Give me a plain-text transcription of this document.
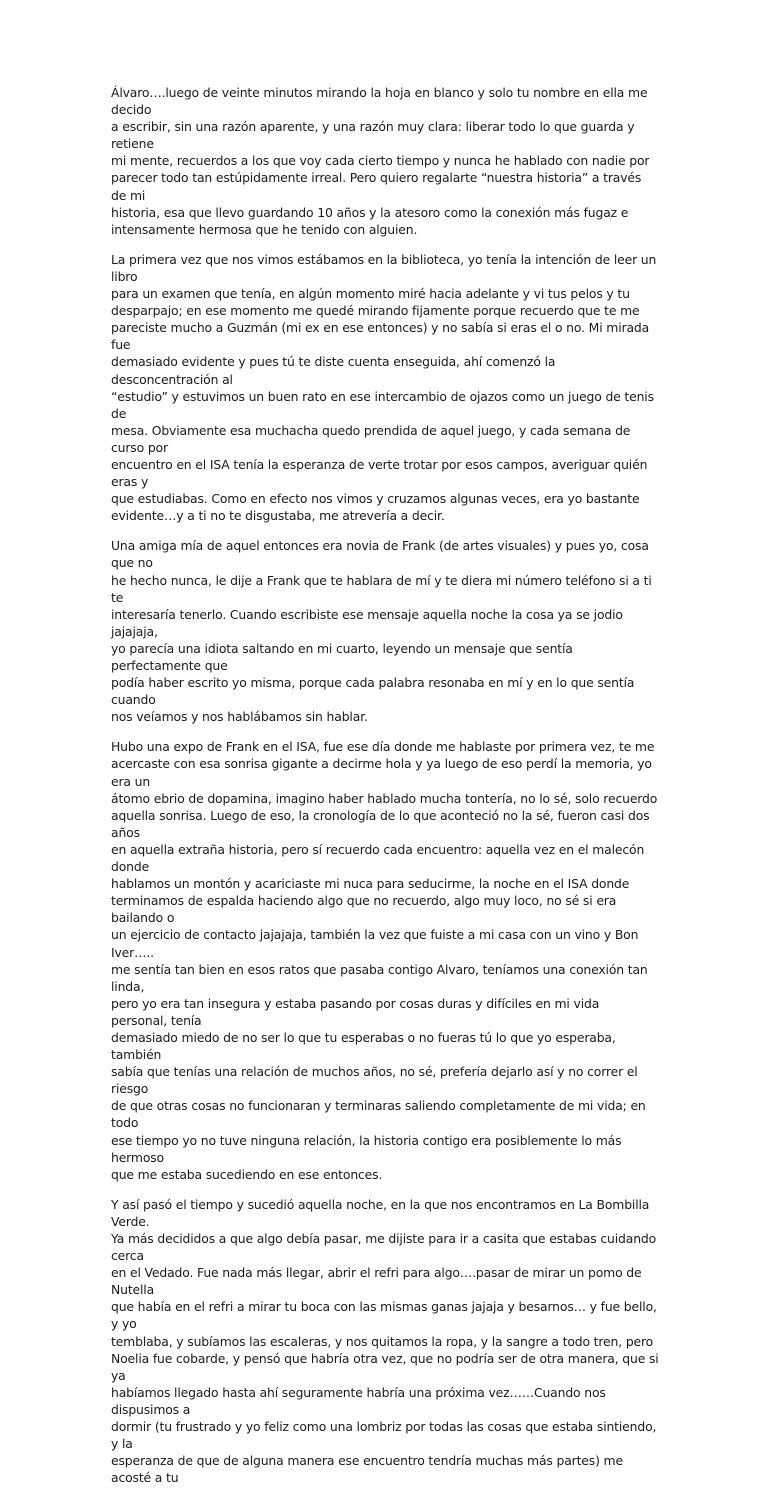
Álvaro….luego de veinte minutos mirando la hoja en blanco y solo tu nombre en ella me decido
a escribir, sin una razón aparente, y una razón muy clara: liberar todo lo que guarda y retiene
mi mente, recuerdos a los que voy cada cierto tiempo y nunca he hablado con nadie por
parecer todo tan estúpidamente irreal. Pero quiero regalarte “nuestra historia” a través de mi
historia, esa que llevo guardando 10 años y la atesoro como la conexión más fugaz e
intensamente hermosa que he tenido con alguien.

La primera vez que nos vimos estábamos en la biblioteca, yo tenía la intención de leer un libro
para un examen que tenía, en algún momento miré hacia adelante y vi tus pelos y tu
desparpajo; en ese momento me quedé mirando fijamente porque recuerdo que te me
pareciste mucho a Guzmán (mi ex en ese entonces) y no sabía si eras el o no. Mi mirada fue
demasiado evidente y pues tú te diste cuenta enseguida, ahí comenzó la desconcentración al
“estudio” y estuvimos un buen rato en ese intercambio de ojazos como un juego de tenis de
mesa. Obviamente esa muchacha quedo prendida de aquel juego, y cada semana de curso por
encuentro en el ISA tenía la esperanza de verte trotar por esos campos, averiguar quién eras y
que estudiabas. Como en efecto nos vimos y cruzamos algunas veces, era yo bastante
evidente…y a ti no te disgustaba, me atrevería a decir.

Una amiga mía de aquel entonces era novia de Frank (de artes visuales) y pues yo, cosa que no
he hecho nunca, le dije a Frank que te hablara de mí y te diera mi número teléfono si a ti te
interesaría tenerlo. Cuando escribiste ese mensaje aquella noche la cosa ya se jodio jajajaja,
yo parecía una idiota saltando en mi cuarto, leyendo un mensaje que sentía perfectamente que
podía haber escrito yo misma, porque cada palabra resonaba en mí y en lo que sentía cuando
nos veíamos y nos hablábamos sin hablar.

Hubo una expo de Frank en el ISA, fue ese día donde me hablaste por primera vez, te me
acercaste con esa sonrisa gigante a decirme hola y ya luego de eso perdí la memoria, yo era un
átomo ebrio de dopamina, imagino haber hablado mucha tontería, no lo sé, solo recuerdo
aquella sonrisa. Luego de eso, la cronología de lo que aconteció no la sé, fueron casi dos años
en aquella extraña historia, pero sí recuerdo cada encuentro: aquella vez en el malecón donde
hablamos un montón y acariciaste mi nuca para seducirme, la noche en el ISA donde
terminamos de espalda haciendo algo que no recuerdo, algo muy loco, no sé si era bailando o
un ejercicio de contacto jajajaja, también la vez que fuiste a mi casa con un vino y Bon Iver…..
me sentía tan bien en esos ratos que pasaba contigo Alvaro, teníamos una conexión tan linda,
pero yo era tan insegura y estaba pasando por cosas duras y difíciles en mi vida personal, tenía
demasiado miedo de no ser lo que tu esperabas o no fueras tú lo que yo esperaba, también
sabía que tenías una relación de muchos años, no sé, prefería dejarlo así y no correr el riesgo
de que otras cosas no funcionaran y terminaras saliendo completamente de mi vida; en todo
ese tiempo yo no tuve ninguna relación, la historia contigo era posiblemente lo más hermoso
que me estaba sucediendo en ese entonces.

Y así pasó el tiempo y sucedió aquella noche, en la que nos encontramos en La Bombilla Verde.
Ya más decididos a que algo debía pasar, me dijiste para ir a casita que estabas cuidando cerca
en el Vedado. Fue nada más llegar, abrir el refri para algo….pasar de mirar un pomo de Nutella
que había en el refri a mirar tu boca con las mismas ganas jajaja y besarnos… y fue bello, y yo
temblaba, y subíamos las escaleras, y nos quitamos la ropa, y la sangre a todo tren, pero
Noelia fue cobarde, y pensó que habría otra vez, que no podría ser de otra manera, que si ya
habíamos llegado hasta ahí seguramente habría una próxima vez……Cuando nos dispusimos a
dormir (tu frustrado y yo feliz como una lombriz por todas las cosas que estaba sintiendo, y la
esperanza de que de alguna manera ese encuentro tendría muchas más partes) me acosté a tu
